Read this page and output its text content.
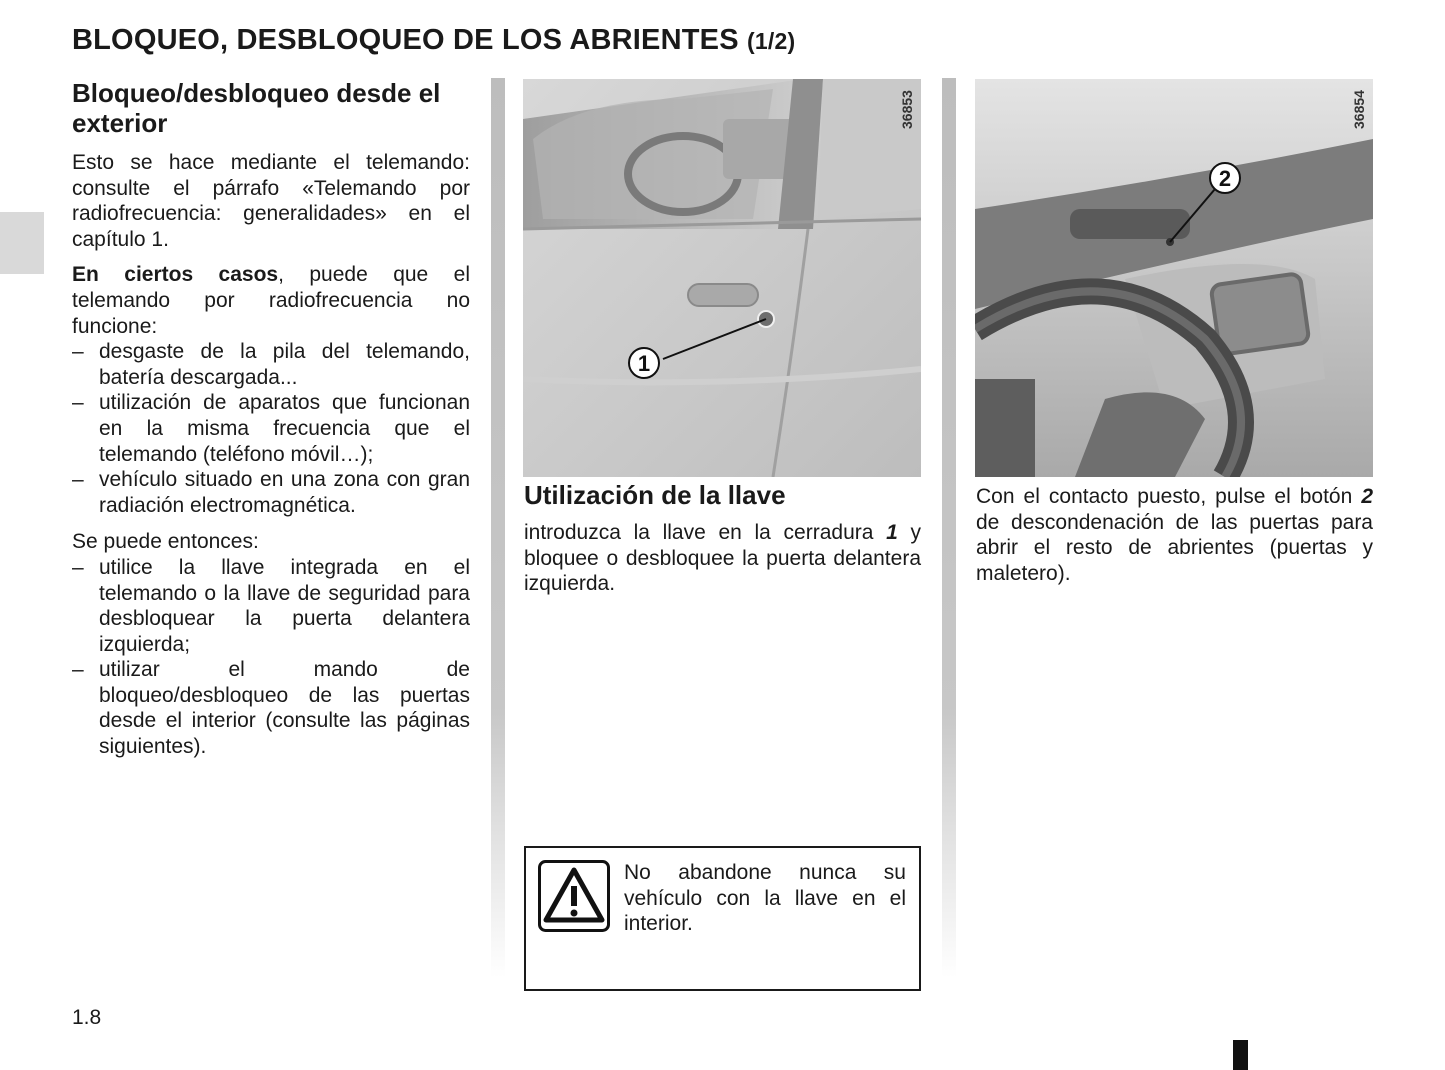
BLOQUEO, DESBLOQUEO DE LOS ABRIENTES (1/2)
Bloqueo/desbloqueo desde el exterior

Esto se hace mediante el telemando: consulte el párrafo «Telemando por radiofrecuencia: generalidades» en el capítulo 1.

En ciertos casos, puede que el telemando por radiofrecuencia no funcione:

– desgaste de la pila del telemando, batería descargada...
– utilización de aparatos que funcionan en la misma frecuencia que el telemando (teléfono móvil…);
– vehículo situado en una zona con gran radiación electromagnética.

Se puede entonces:

– utilice la llave integrada en el telemando o la llave de seguridad para desbloquear la puerta delantera izquierda;
– utilizar el mando de bloqueo/desbloqueo de las puertas desde el interior (consulte las páginas siguientes).
1
36853
Utilización de la llave

introduzca la llave en la cerradura 1 y bloquee o desbloquee la puerta delantera izquierda.

No abandone nunca su vehículo con la llave en el interior.
2
36854

Con el contacto puesto, pulse el botón 2 de descondenación de las puertas para abrir el resto de abrientes (puertas y maletero).

1.8
